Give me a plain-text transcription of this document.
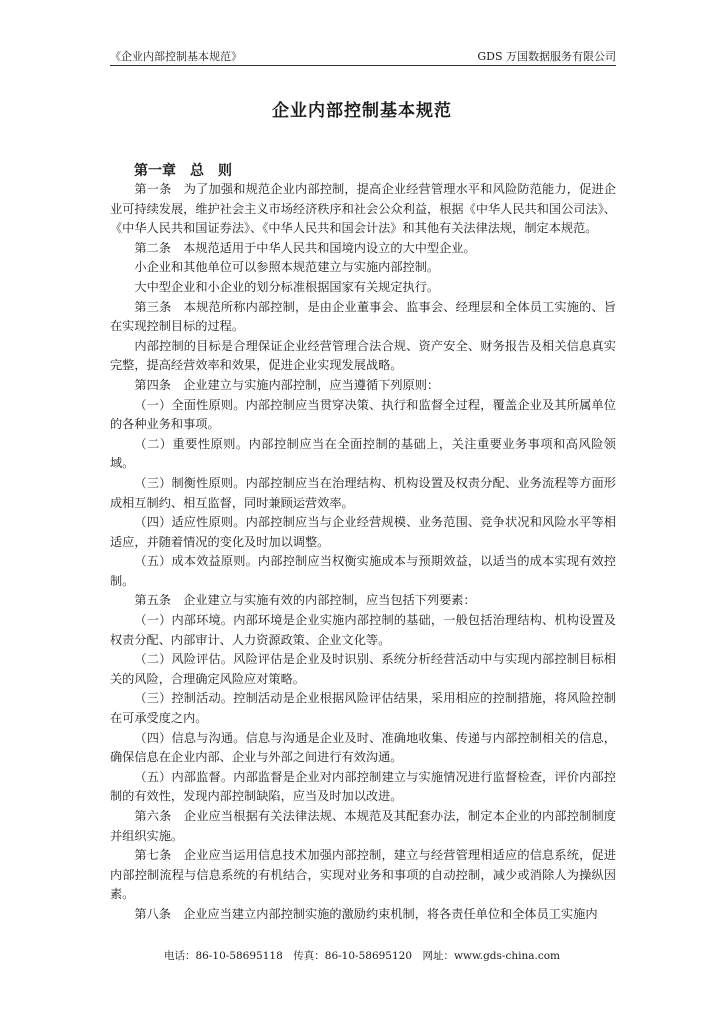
《企业内部控制基本规范》	GDS 万国数据服务有限公司
企业内部控制基本规范
第一章　总　则

第一条　为了加强和规范企业内部控制，提高企业经营管理水平和风险防范能力，促进企业可持续发展，维护社会主义市场经济秩序和社会公众利益，根据《中华人民共和国公司法》、《中华人民共和国证券法》、《中华人民共和国会计法》和其他有关法律法规，制定本规范。

第二条　本规范适用于中华人民共和国境内设立的大中型企业。

小企业和其他单位可以参照本规范建立与实施内部控制。

大中型企业和小企业的划分标准根据国家有关规定执行。

第三条　本规范所称内部控制，是由企业董事会、监事会、经理层和全体员工实施的、旨在实现控制目标的过程。

内部控制的目标是合理保证企业经营管理合法合规、资产安全、财务报告及相关信息真实完整，提高经营效率和效果，促进企业实现发展战略。

第四条　企业建立与实施内部控制，应当遵循下列原则：

（一）全面性原则。内部控制应当贯穿决策、执行和监督全过程，覆盖企业及其所属单位的各种业务和事项。

（二）重要性原则。内部控制应当在全面控制的基础上，关注重要业务事项和高风险领域。

（三）制衡性原则。内部控制应当在治理结构、机构设置及权责分配、业务流程等方面形成相互制约、相互监督，同时兼顾运营效率。

（四）适应性原则。内部控制应当与企业经营规模、业务范围、竞争状况和风险水平等相适应，并随着情况的变化及时加以调整。

（五）成本效益原则。内部控制应当权衡实施成本与预期效益，以适当的成本实现有效控制。

第五条　企业建立与实施有效的内部控制，应当包括下列要素：

（一）内部环境。内部环境是企业实施内部控制的基础，一般包括治理结构、机构设置及权责分配、内部审计、人力资源政策、企业文化等。

（二）风险评估。风险评估是企业及时识别、系统分析经营活动中与实现内部控制目标相关的风险，合理确定风险应对策略。

（三）控制活动。控制活动是企业根据风险评估结果，采用相应的控制措施，将风险控制在可承受度之内。

（四）信息与沟通。信息与沟通是企业及时、准确地收集、传递与内部控制相关的信息，确保信息在企业内部、企业与外部之间进行有效沟通。

（五）内部监督。内部监督是企业对内部控制建立与实施情况进行监督检查，评价内部控制的有效性，发现内部控制缺陷，应当及时加以改进。

第六条　企业应当根据有关法律法规、本规范及其配套办法，制定本企业的内部控制制度并组织实施。

第七条　企业应当运用信息技术加强内部控制，建立与经营管理相适应的信息系统，促进内部控制流程与信息系统的有机结合，实现对业务和事项的自动控制，减少或消除人为操纵因素。

第八条　企业应当建立内部控制实施的激励约束机制，将各责任单位和全体员工实施内

电话：86-10-58695118　传真：86-10-58695120　网址：www.gds-china.com
